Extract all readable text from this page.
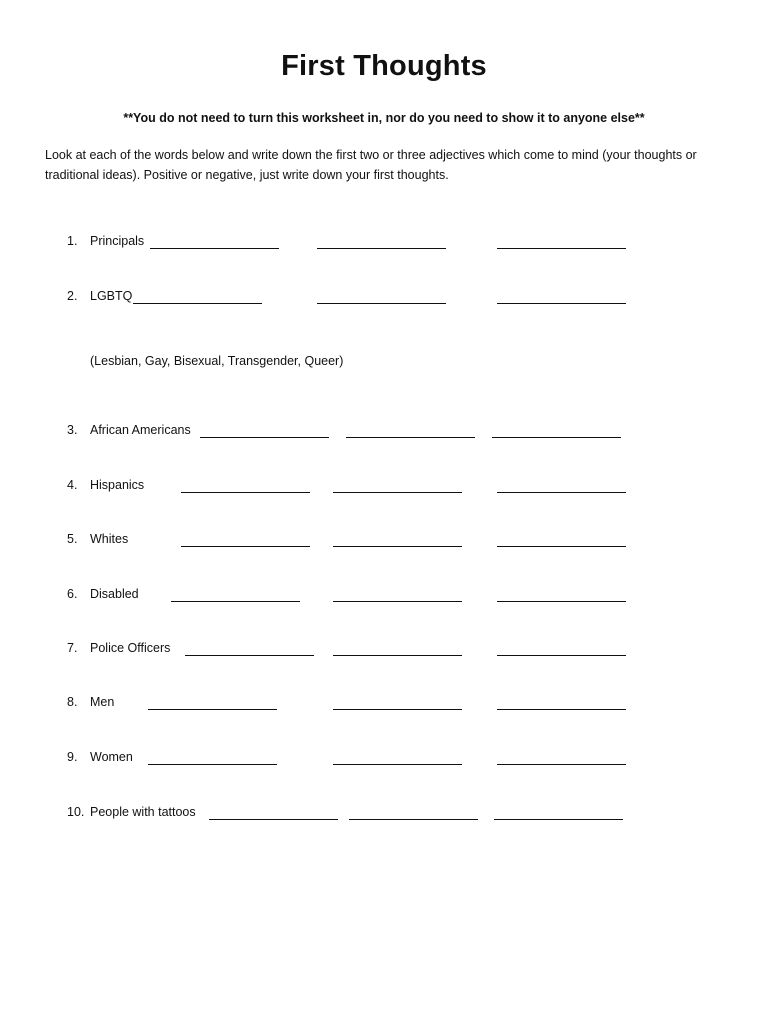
First Thoughts
**You do not need to turn this worksheet in, nor do you need to show it to anyone else**
Look at each of the words below and write down the first two or three adjectives which come to mind (your thoughts or traditional ideas). Positive or negative, just write down your first thoughts.
1. Principals
2. LGBTQ
(Lesbian, Gay, Bisexual, Transgender, Queer)
3. African Americans
4. Hispanics
5. Whites
6. Disabled
7. Police Officers
8. Men
9. Women
10. People with tattoos
